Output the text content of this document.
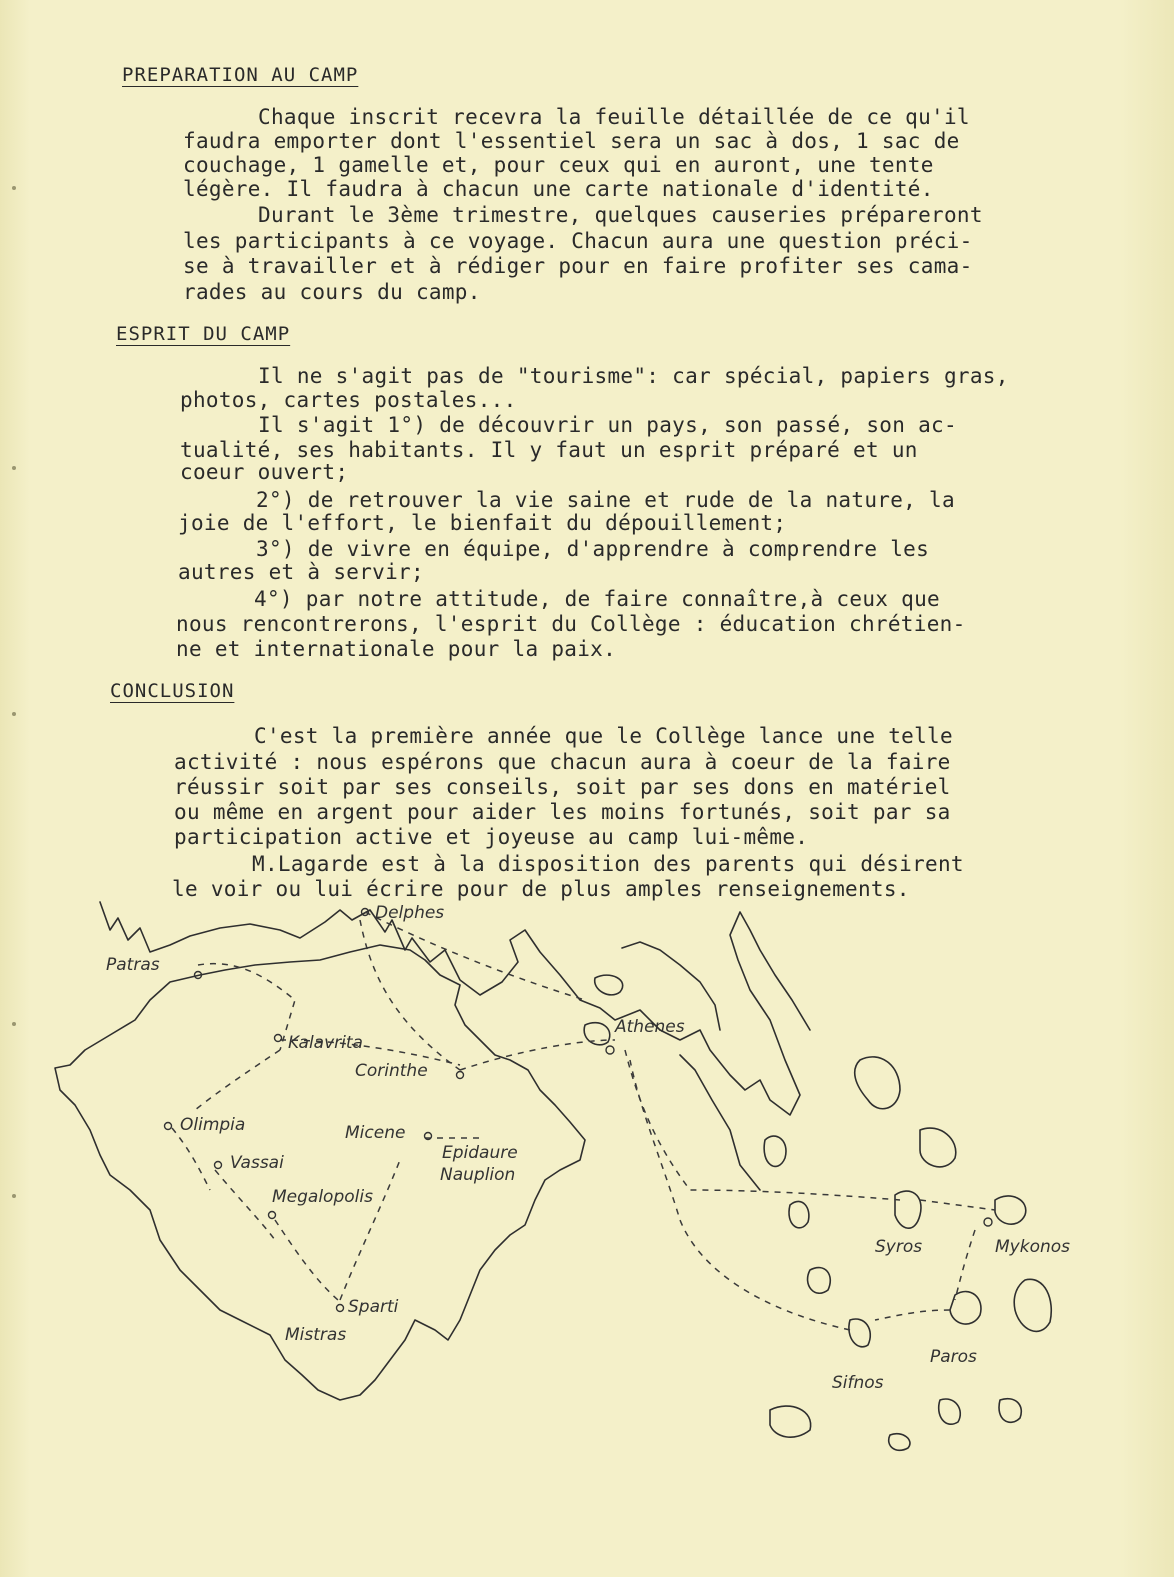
PREPARATION AU CAMP
Chaque inscrit recevra la feuille détaillée de ce qu'il
faudra emporter dont l'essentiel sera un sac à dos, 1 sac de
couchage, 1 gamelle et, pour ceux qui en auront, une tente
légère. Il faudra à chacun une carte nationale d'identité.
Durant le 3ème trimestre, quelques causeries prépareront
les participants à ce voyage. Chacun aura une question préci-
se à travailler et à rédiger pour en faire profiter ses cama-
rades au cours du camp.
ESPRIT DU CAMP
Il ne s'agit pas de "tourisme": car spécial, papiers gras,
photos, cartes postales...
Il s'agit 1°) de découvrir un pays, son passé, son ac-
tualité, ses habitants. Il y faut un esprit préparé et un
coeur ouvert;
2°) de retrouver la vie saine et rude de la nature, la
joie de l'effort, le bienfait du dépouillement;
3°) de vivre en équipe, d'apprendre à comprendre les
autres et à servir;
4°) par notre attitude, de faire connaître,à ceux que
nous rencontrerons, l'esprit du Collège : éducation chrétien-
ne et internationale pour la paix.
CONCLUSION
C'est la première année que le Collège lance une telle
activité : nous espérons que chacun aura à coeur de la faire
réussir soit par ses conseils, soit par ses dons en matériel
ou même en argent pour aider les moins fortunés, soit par sa
participation active et joyeuse au camp lui-même.
M.Lagarde est à la disposition des parents qui désirent
le voir ou lui écrire pour de plus amples renseignements.
Delphes
Patras
Kalavrita
Corinthe
Athenes
Olimpia	Micene
Epidaure
Nauplion
Vassai
Megalopolis
Sparti
Mistras
Syros	Mykonos
Paros
Sifnos
